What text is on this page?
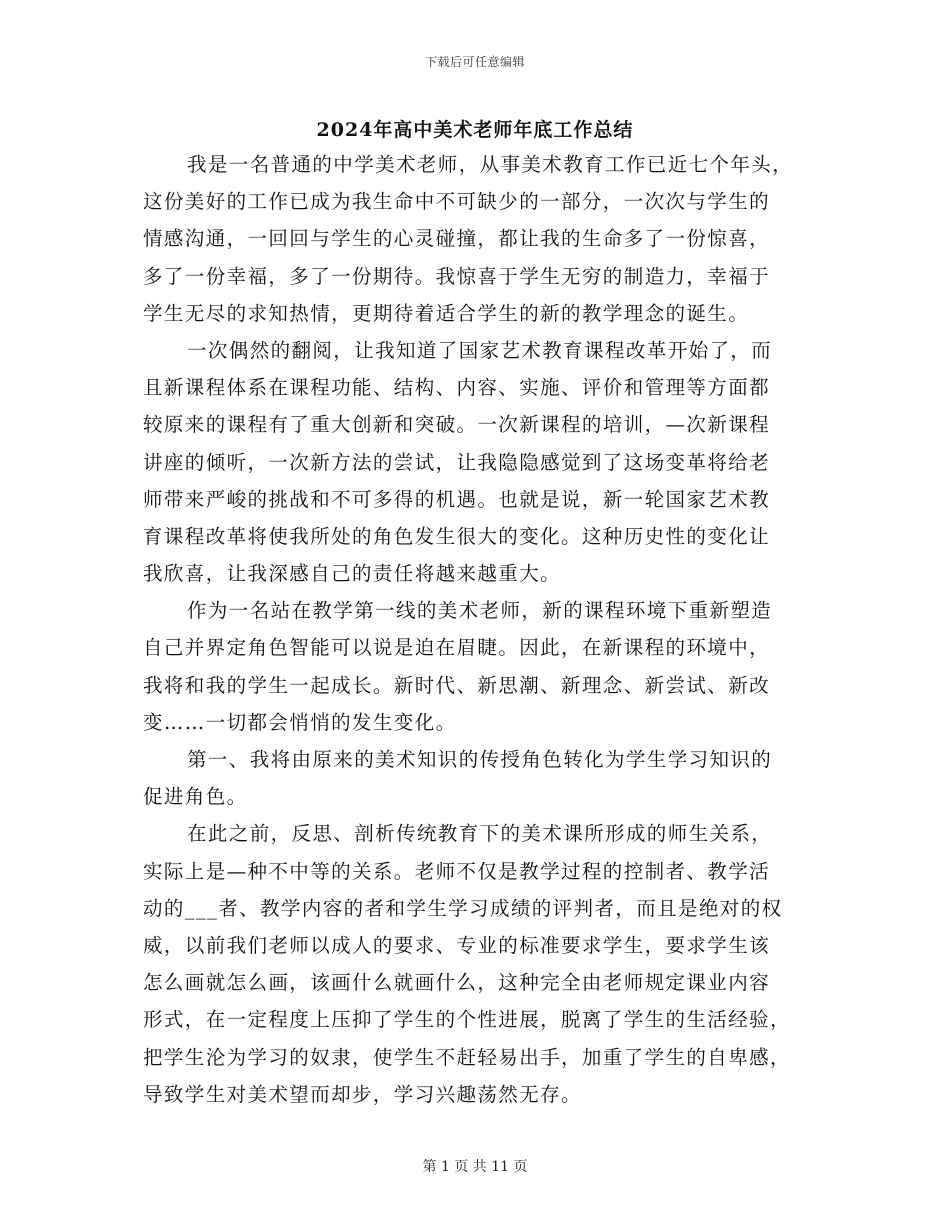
下载后可任意编辑
2024年高中美术老师年底工作总结
我是一名普通的中学美术老师，从事美术教育工作已近七个年头，
这份美好的工作已成为我生命中不可缺少的一部分，一次次与学生的
情感沟通，一回回与学生的心灵碰撞，都让我的生命多了一份惊喜，
多了一份幸福，多了一份期待。我惊喜于学生无穷的制造力，幸福于
学生无尽的求知热情，更期待着适合学生的新的教学理念的诞生。
一次偶然的翻阅，让我知道了国家艺术教育课程改革开始了，而
且新课程体系在课程功能、结构、内容、实施、评价和管理等方面都
较原来的课程有了重大创新和突破。一次新课程的培训，—次新课程
讲座的倾听，一次新方法的尝试，让我隐隐感觉到了这场变革将给老
师带来严峻的挑战和不可多得的机遇。也就是说，新一轮国家艺术教
育课程改革将使我所处的角色发生很大的变化。这种历史性的变化让
我欣喜，让我深感自己的责任将越来越重大。
作为一名站在教学第一线的美术老师，新的课程环境下重新塑造
自己并界定角色智能可以说是迫在眉睫。因此，在新课程的环境中，
我将和我的学生一起成长。新时代、新思潮、新理念、新尝试、新改
变……一切都会悄悄的发生变化。
第一、我将由原来的美术知识的传授角色转化为学生学习知识的
促进角色。
在此之前，反思、剖析传统教育下的美术课所形成的师生关系，
实际上是—种不中等的关系。老师不仅是教学过程的控制者、教学活
动的___者、教学内容的者和学生学习成绩的评判者，而且是绝对的权
威，以前我们老师以成人的要求、专业的标准要求学生，要求学生该
怎么画就怎么画，该画什么就画什么，这种完全由老师规定课业内容
形式，在一定程度上压抑了学生的个性进展，脱离了学生的生活经验，
把学生沦为学习的奴隶，使学生不赶轻易出手，加重了学生的自卑感，
导致学生对美术望而却步，学习兴趣荡然无存。
第 1 页 共 11 页
